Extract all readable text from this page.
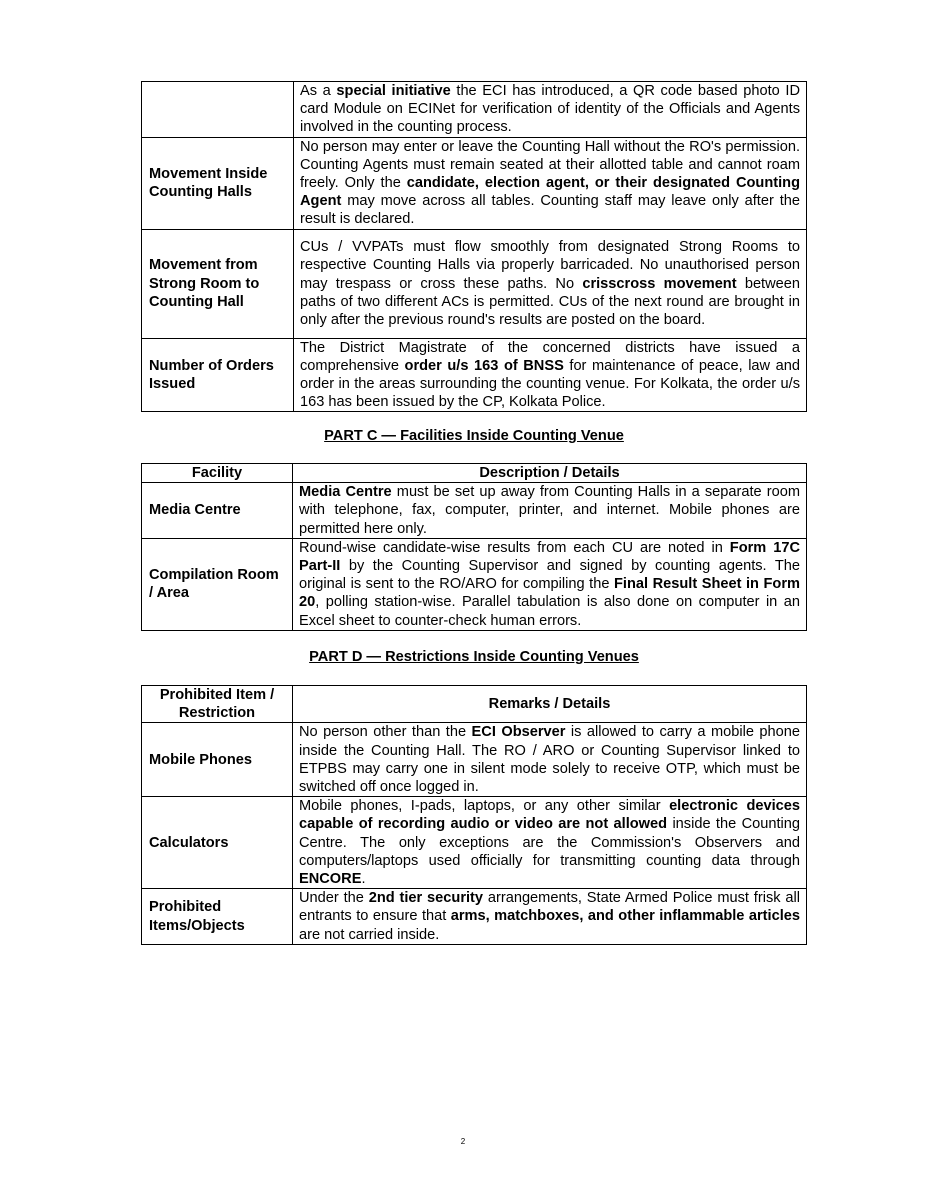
	As a special initiative the ECI has introduced, a QR code based photo ID card Module on ECINet for verification of identity of the Officials and Agents involved in the counting process.
Movement Inside Counting Halls	No person may enter or leave the Counting Hall without the RO's permission. Counting Agents must remain seated at their allotted table and cannot roam freely. Only the candidate, election agent, or their designated Counting Agent may move across all tables. Counting staff may leave only after the result is declared.
Movement from Strong Room to Counting Hall	CUs / VVPATs must flow smoothly from designated Strong Rooms to respective Counting Halls via properly barricaded. No unauthorised person may trespass or cross these paths. No crisscross movement between paths of two different ACs is permitted. CUs of the next round are brought in only after the previous round's results are posted on the board.
Number of Orders Issued	The District Magistrate of the concerned districts have issued a comprehensive order u/s 163 of BNSS for maintenance of peace, law and order in the areas surrounding the counting venue. For Kolkata, the order u/s 163 has been issued by the CP, Kolkata Police.
PART C — Facilities Inside Counting Venue
Facility	Description / Details
Media Centre	Media Centre must be set up away from Counting Halls in a separate room with telephone, fax, computer, printer, and internet. Mobile phones are permitted here only.
Compilation Room / Area	Round-wise candidate-wise results from each CU are noted in Form 17C Part-II by the Counting Supervisor and signed by counting agents. The original is sent to the RO/ARO for compiling the Final Result Sheet in Form 20, polling station-wise. Parallel tabulation is also done on computer in an Excel sheet to counter-check human errors.
PART D — Restrictions Inside Counting Venues
Prohibited Item / Restriction	Remarks / Details
Mobile Phones	No person other than the ECI Observer is allowed to carry a mobile phone inside the Counting Hall. The RO / ARO or Counting Supervisor linked to ETPBS may carry one in silent mode solely to receive OTP, which must be switched off once logged in.
Calculators	Mobile phones, I-pads, laptops, or any other similar electronic devices capable of recording audio or video are not allowed inside the Counting Centre. The only exceptions are the Commission's Observers and computers/laptops used officially for transmitting counting data through ENCORE.
Prohibited Items/Objects	Under the 2nd tier security arrangements, State Armed Police must frisk all entrants to ensure that arms, matchboxes, and other inflammable articles are not carried inside.
2
